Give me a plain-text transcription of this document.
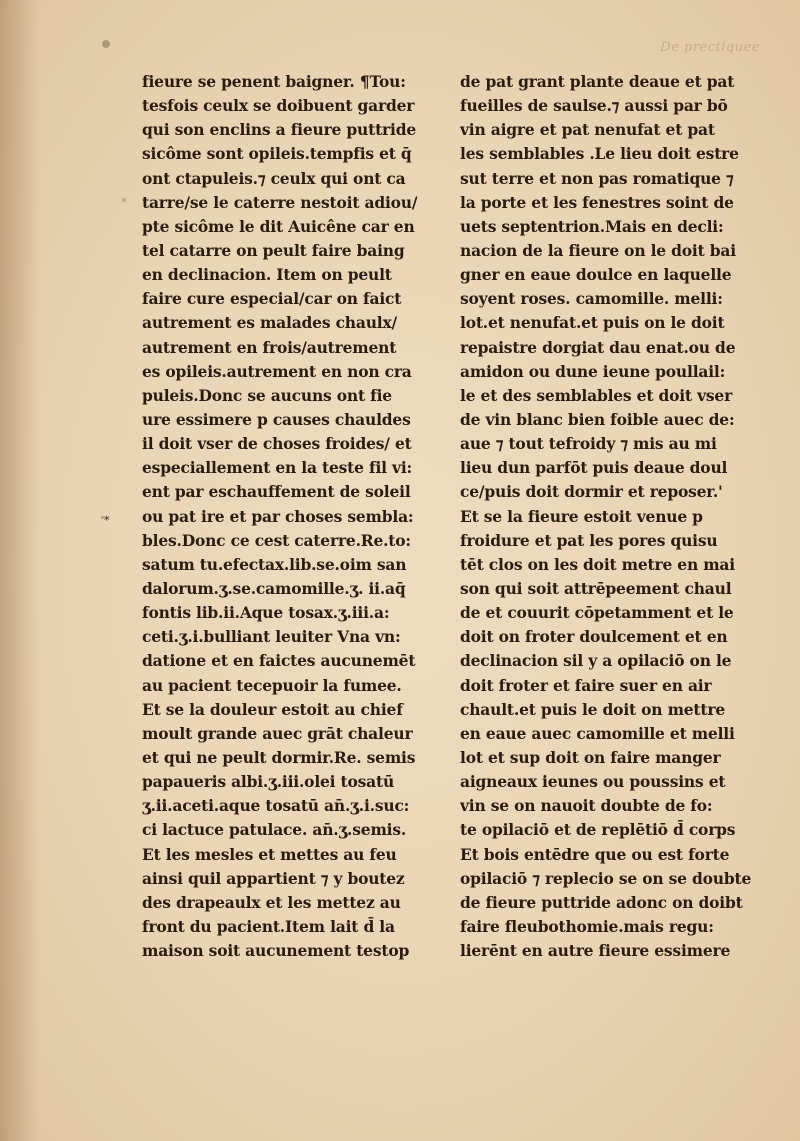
De prectiquee
*
fieure se penent baigner. ¶Tou:
tesfois ceulx se doibuent garder
qui son enclins a fieure puttride
sicôme sont opileis.tempfis et q̄
ont ctapuleis.⁊ ceulx qui ont ca
tarre/se le caterre nestoit adiou/
pte sicôme le dit Auicêne car en
tel catarre on peult faire baing
en declinacion. Item on peult
faire cure especial/car on faict
autrement es malades chaulx/
autrement en frois/autrement
es opileis.autrement en non cra
puleis.Donc se aucuns ont fie
ure essimere p causes chauldes
il doit vser de choses froides/ et
especiallement en la teste fil vi:
ent par eschauffement de soleil
ou pat ire et par choses sembla:
bles.Donc ce cest caterre.Re.to:
satum tu.efectax.lib.se.oim san
dalorum.ʒ.se.camomille.ʒ. ii.aq̄
fontis lib.ii.Aque tosax.ʒ.iii.a:
ceti.ʒ.i.bulliant leuiter Vna vn:
datione et en faictes aucunemēt
au pacient tecepuoir la fumee.
Et se la douleur estoit au chief
moult grande auec grāt chaleur
et qui ne peult dormir.Re. semis
papaueris albi.ʒ.iii.olei tosatū
ʒ.ii.aceti.aque tosatū an̄.ʒ.i.suc:
ci lactuce patulace. an̄.ʒ.semis.
Et les mesles et mettes au feu
ainsi quil appartient ⁊ y boutez
des drapeaulx et les mettez au
front du pacient.Item lait d̄ la
maison soit aucunement testop
de pat grant plante deaue et pat
fueilles de saulse.⁊ aussi par bō
vin aigre et pat nenufat et pat
les semblables .Le lieu doit estre
sut terre et non pas romatique ⁊
la porte et les fenestres soint de
uets septentrion.Mais en decli:
nacion de la fieure on le doit bai
gner en eaue doulce en laquelle
soyent roses. camomille. melli:
lot.et nenufat.et puis on le doit
repaistre dorgiat dau enat.ou de
amidon ou dune ieune poullail:
le et des semblables et doit vser
de vin blanc bien foible auec de:
aue ⁊ tout tefroidy ⁊ mis au mi
lieu dun parfōt puis deaue doul
ce/puis doit dormir et reposer.'
Et se la fieure estoit venue p
froidure et pat les pores quisu
tēt clos on les doit metre en mai
son qui soit attrēpeement chaul
de et couurit cōpetamment et le
doit on froter doulcement et en
declinacion sil y a opilaciō on le
doit froter et faire suer en air
chault.et puis le doit on mettre
en eaue auec camomille et melli
lot et sup doit on faire manger
aigneaux ieunes ou poussins et
vin se on nauoit doubte de fo:
te opilaciō et de replētiō d̄ corps
Et bois entēdre que ou est forte
opilaciō ⁊ replecio se on se doubte
de fieure puttride adonc on doibt
faire fleubothomie.mais regu:
lierēnt en autre fieure essimere
